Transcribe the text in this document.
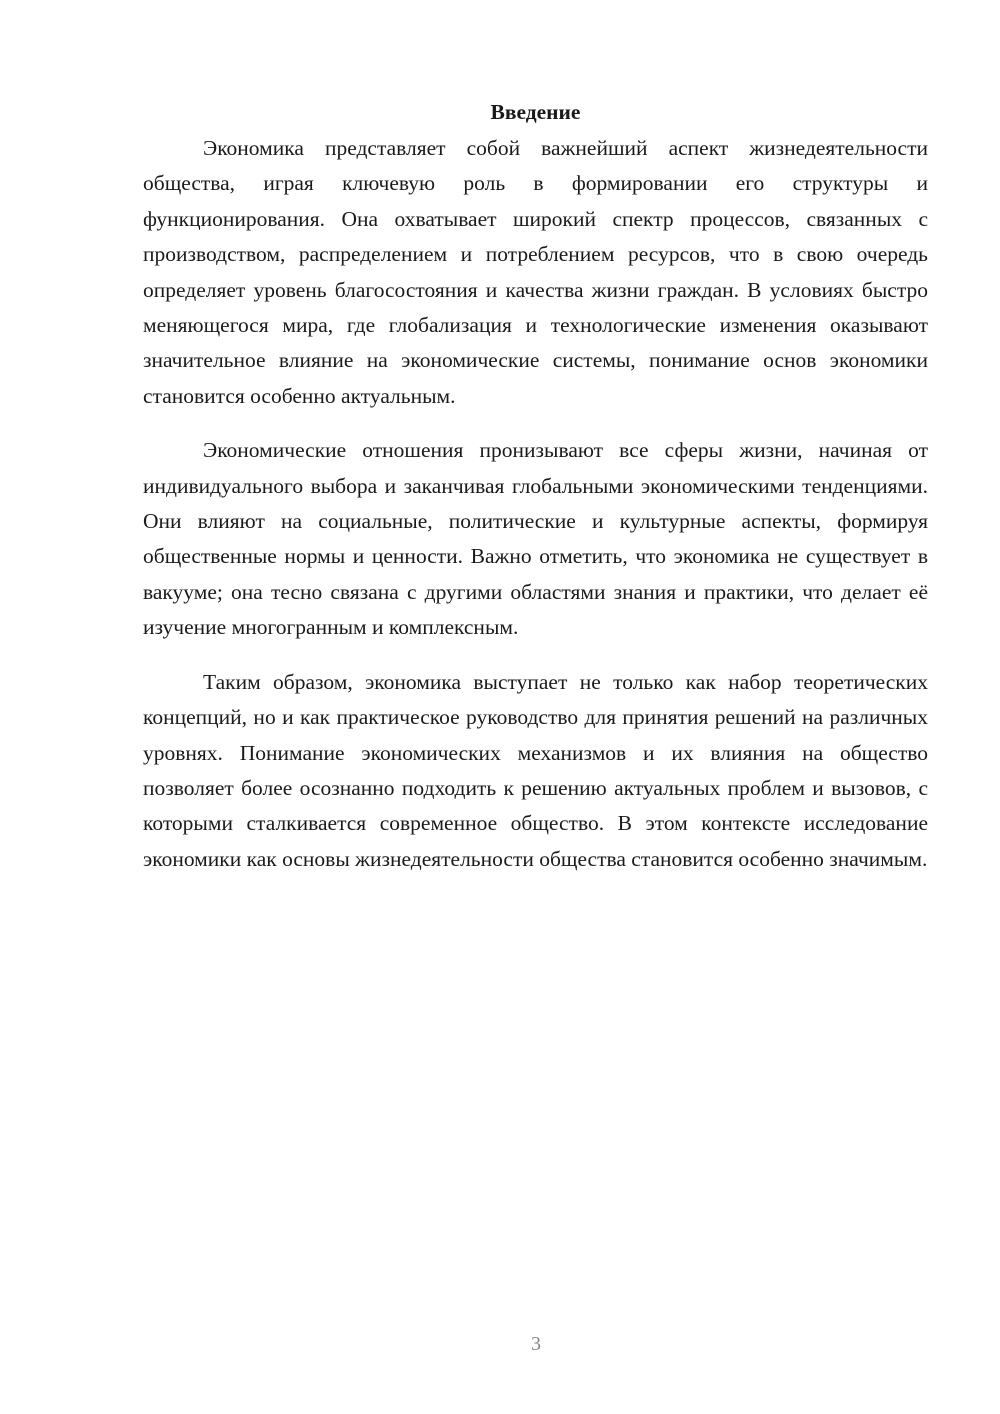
Введение

Экономика представляет собой важнейший аспект жизнедеятельности общества, играя ключевую роль в формировании его структуры и функционирования. Она охватывает широкий спектр процессов, связанных с производством, распределением и потреблением ресурсов, что в свою очередь определяет уровень благосостояния и качества жизни граждан. В условиях быстро меняющегося мира, где глобализация и технологические изменения оказывают значительное влияние на экономические системы, понимание основ экономики становится особенно актуальным.

Экономические отношения пронизывают все сферы жизни, начиная от индивидуального выбора и заканчивая глобальными экономическими тенденциями. Они влияют на социальные, политические и культурные аспекты, формируя общественные нормы и ценности. Важно отметить, что экономика не существует в вакууме; она тесно связана с другими областями знания и практики, что делает её изучение многогранным и комплексным.

Таким образом, экономика выступает не только как набор теоретических концепций, но и как практическое руководство для принятия решений на различных уровнях. Понимание экономических механизмов и их влияния на общество позволяет более осознанно подходить к решению актуальных проблем и вызовов, с которыми сталкивается современное общество. В этом контексте исследование экономики как основы жизнедеятельности общества становится особенно значимым.

3
